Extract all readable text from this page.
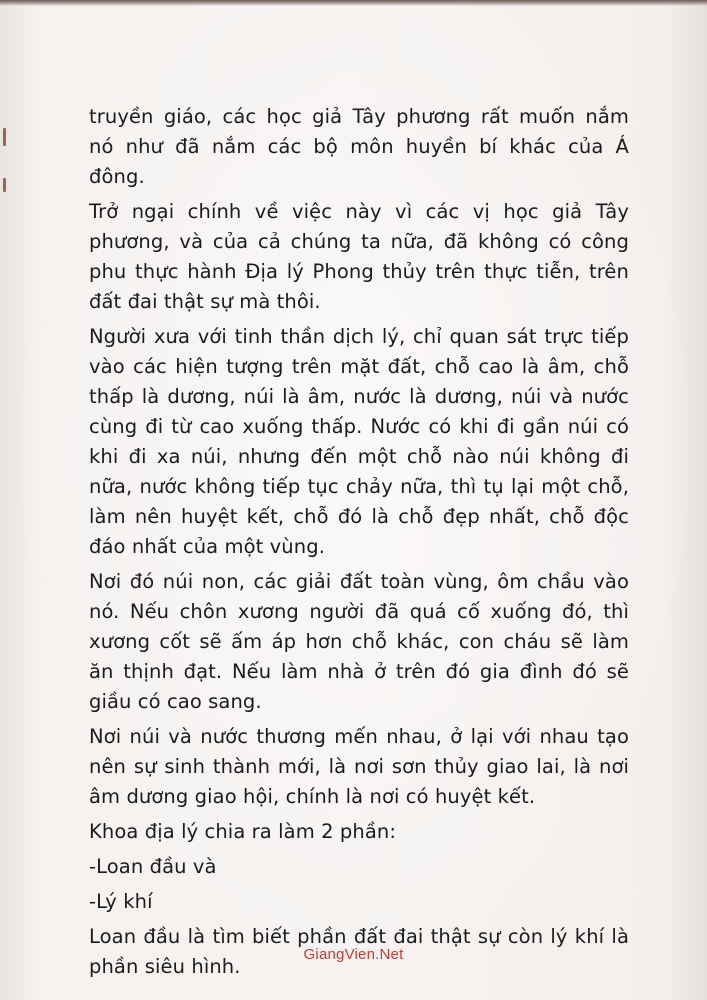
truyền giáo, các học giả Tây phương rất muốn nắm
nó như đã nắm các bộ môn huyền bí khác của Á
đông.
Trở ngại chính về việc này vì các vị học giả Tây
phương, và của cả chúng ta nữa, đã không có công
phu thực hành Địa lý Phong thủy trên thực tiễn, trên
đất đai thật sự mà thôi.
Người xưa với tinh thần dịch lý, chỉ quan sát trực tiếp
vào các hiện tượng trên mặt đất, chỗ cao là âm, chỗ
thấp là dương, núi là âm, nước là dương, núi và nước
cùng đi từ cao xuống thấp. Nước có khi đi gần núi có
khi đi xa núi, nhưng đến một chỗ nào núi không đi
nữa, nước không tiếp tục chảy nữa, thì tụ lại một chỗ,
làm nên huyệt kết, chỗ đó là chỗ đẹp nhất, chỗ độc
đáo nhất của một vùng.
Nơi đó núi non, các giải đất toàn vùng, ôm chầu vào
nó. Nếu chôn xương người đã quá cố xuống đó, thì
xương cốt sẽ ấm áp hơn chỗ khác, con cháu sẽ làm
ăn thịnh đạt. Nếu làm nhà ở trên đó gia đình đó sẽ
giầu có cao sang.
Nơi núi và nước thương mến nhau, ở lại với nhau tạo
nên sự sinh thành mới, là nơi sơn thủy giao lai, là nơi
âm dương giao hội, chính là nơi có huyệt kết.
Khoa địa lý chia ra làm 2 phần:
-Loan đầu và
-Lý khí
Loan đầu là tìm biết phần đất đai thật sự còn lý khí là
phần siêu hình.
GiangVien.Net
